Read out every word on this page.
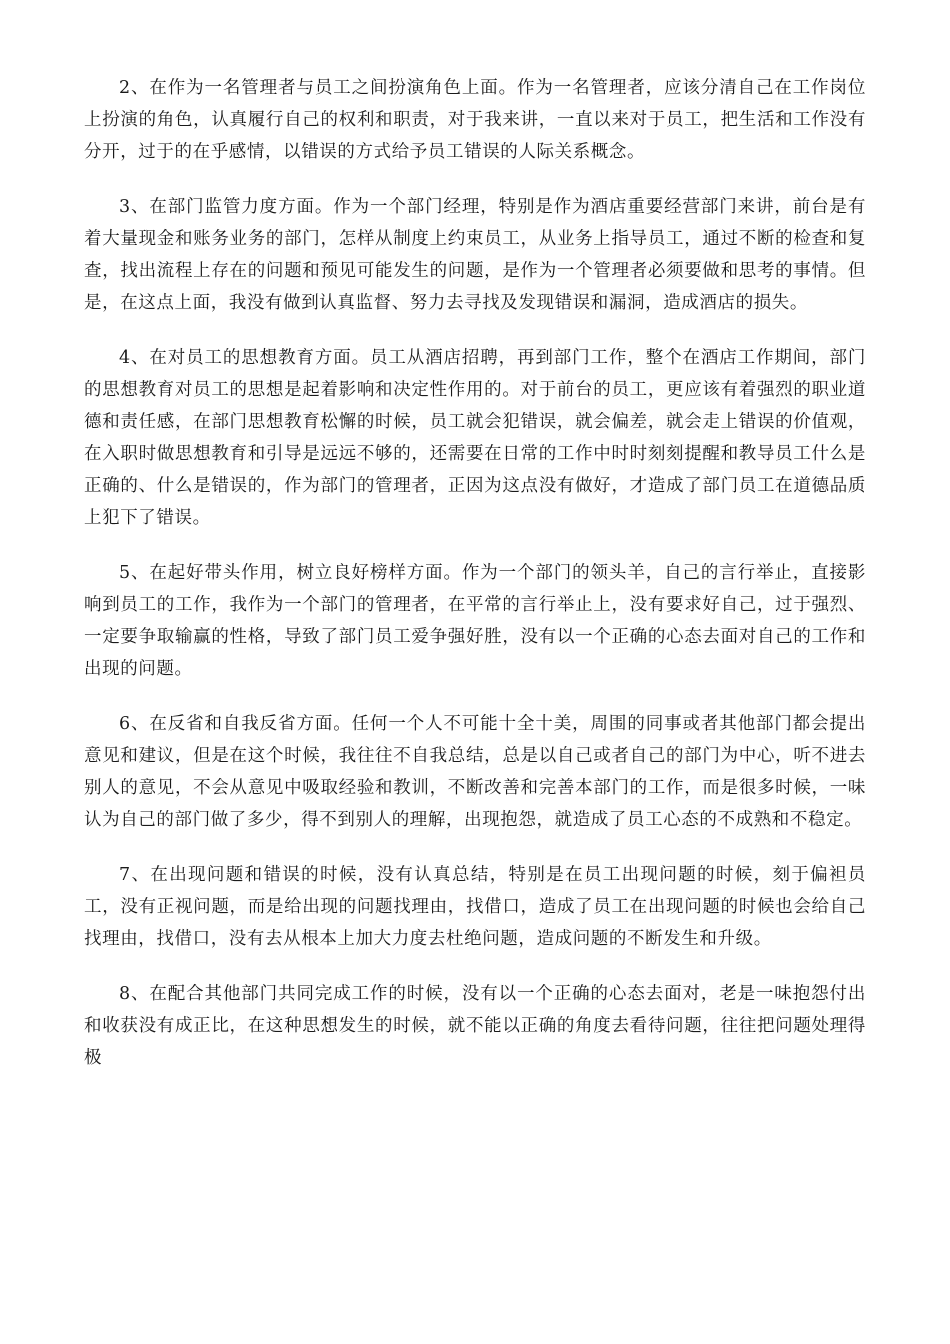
2、在作为一名管理者与员工之间扮演角色上面。作为一名管理者，应该分清自己在工作岗位上扮演的角色，认真履行自己的权利和职责，对于我来讲，一直以来对于员工，把生活和工作没有分开，过于的在乎感情，以错误的方式给予员工错误的人际关系概念。

3、在部门监管力度方面。作为一个部门经理，特别是作为酒店重要经营部门来讲，前台是有着大量现金和账务业务的部门，怎样从制度上约束员工，从业务上指导员工，通过不断的检查和复查，找出流程上存在的问题和预见可能发生的问题，是作为一个管理者必须要做和思考的事情。但是，在这点上面，我没有做到认真监督、努力去寻找及发现错误和漏洞，造成酒店的损失。

4、在对员工的思想教育方面。员工从酒店招聘，再到部门工作，整个在酒店工作期间，部门的思想教育对员工的思想是起着影响和决定性作用的。对于前台的员工，更应该有着强烈的职业道德和责任感，在部门思想教育松懈的时候，员工就会犯错误，就会偏差，就会走上错误的价值观，在入职时做思想教育和引导是远远不够的，还需要在日常的工作中时时刻刻提醒和教导员工什么是正确的、什么是错误的，作为部门的管理者，正因为这点没有做好，才造成了部门员工在道德品质上犯下了错误。

5、在起好带头作用，树立良好榜样方面。作为一个部门的领头羊，自己的言行举止，直接影响到员工的工作，我作为一个部门的管理者，在平常的言行举止上，没有要求好自己，过于强烈、一定要争取输赢的性格，导致了部门员工爱争强好胜，没有以一个正确的心态去面对自己的工作和出现的问题。

6、在反省和自我反省方面。任何一个人不可能十全十美，周围的同事或者其他部门都会提出意见和建议，但是在这个时候，我往往不自我总结，总是以自己或者自己的部门为中心，听不进去别人的意见，不会从意见中吸取经验和教训，不断改善和完善本部门的工作，而是很多时候，一味认为自己的部门做了多少，得不到别人的理解，出现抱怨，就造成了员工心态的不成熟和不稳定。

7、在出现问题和错误的时候，没有认真总结，特别是在员工出现问题的时候，刻于偏袒员工，没有正视问题，而是给出现的问题找理由，找借口，造成了员工在出现问题的时候也会给自己找理由，找借口，没有去从根本上加大力度去杜绝问题，造成问题的不断发生和升级。

8、在配合其他部门共同完成工作的时候，没有以一个正确的心态去面对，老是一味抱怨付出和收获没有成正比，在这种思想发生的时候，就不能以正确的角度去看待问题，往往把问题处理得极
